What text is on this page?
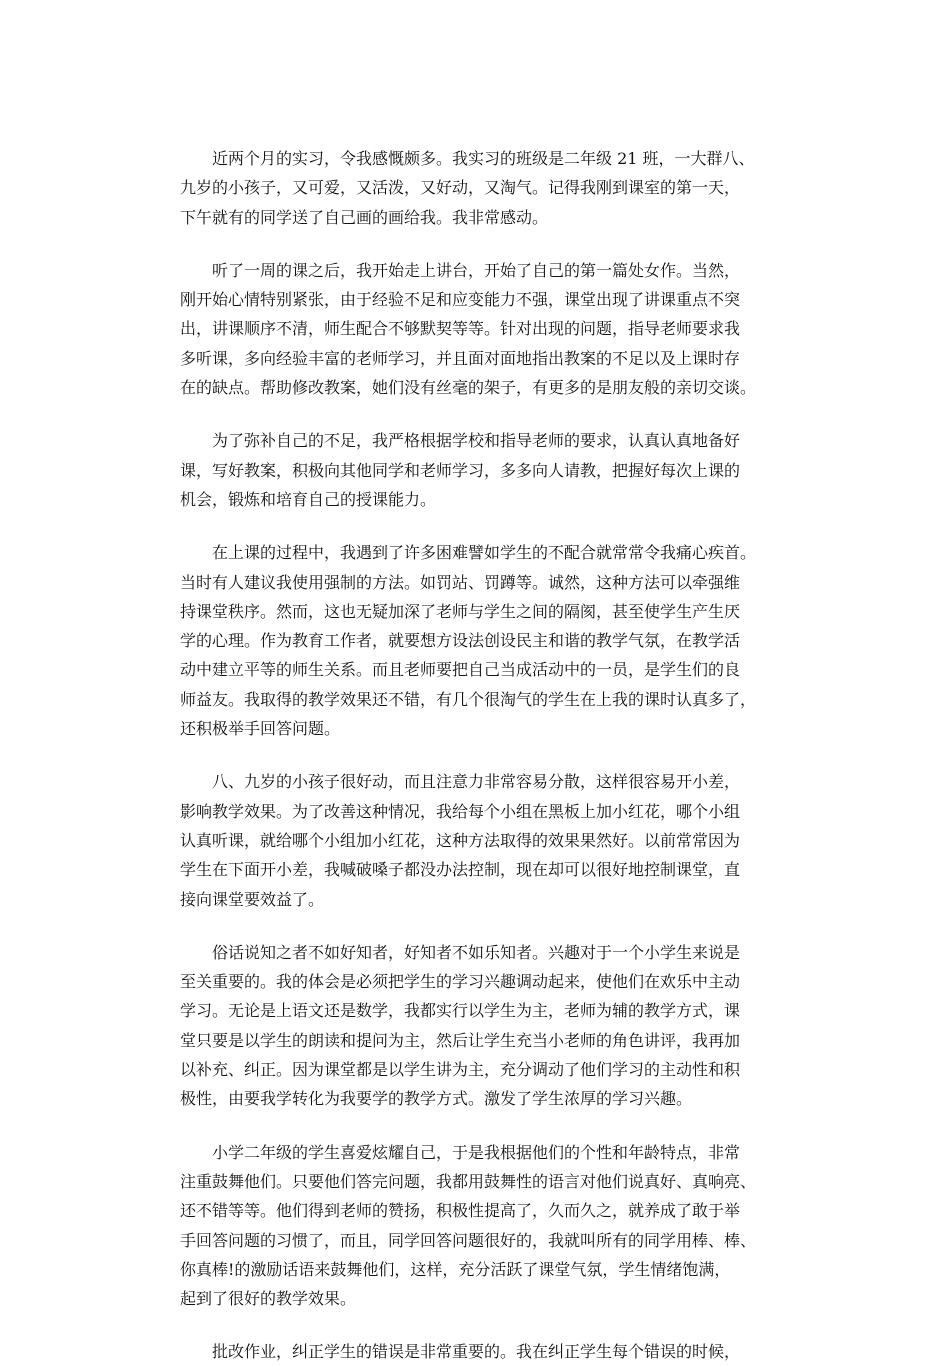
　　近两个月的实习，令我感慨颇多。我实习的班级是二年级 21 班，一大群八、
九岁的小孩子，又可爱，又活泼，又好动，又淘气。记得我刚到课室的第一天，
下午就有的同学送了自己画的画给我。我非常感动。

　　听了一周的课之后，我开始走上讲台，开始了自己的第一篇处女作。当然，
刚开始心情特别紧张，由于经验不足和应变能力不强，课堂出现了讲课重点不突
出，讲课顺序不清，师生配合不够默契等等。针对出现的问题，指导老师要求我
多听课，多向经验丰富的老师学习，并且面对面地指出教案的不足以及上课时存
在的缺点。帮助修改教案，她们没有丝毫的架子，有更多的是朋友般的亲切交谈。

　　为了弥补自己的不足，我严格根据学校和指导老师的要求，认真认真地备好
课，写好教案，积极向其他同学和老师学习，多多向人请教，把握好每次上课的
机会，锻炼和培育自己的授课能力。

　　在上课的过程中，我遇到了许多困难譬如学生的不配合就常常令我痛心疾首。
当时有人建议我使用强制的方法。如罚站、罚蹲等。诚然，这种方法可以牵强维
持课堂秩序。然而，这也无疑加深了老师与学生之间的隔阂，甚至使学生产生厌
学的心理。作为教育工作者，就要想方设法创设民主和谐的教学气氛，在教学活
动中建立平等的师生关系。而且老师要把自己当成活动中的一员，是学生们的良
师益友。我取得的教学效果还不错，有几个很淘气的学生在上我的课时认真多了，
还积极举手回答问题。

　　八、九岁的小孩子很好动，而且注意力非常容易分散，这样很容易开小差，
影响教学效果。为了改善这种情况，我给每个小组在黑板上加小红花，哪个小组
认真听课，就给哪个小组加小红花，这种方法取得的效果果然好。以前常常因为
学生在下面开小差，我喊破嗓子都没办法控制，现在却可以很好地控制课堂，直
接向课堂要效益了。

　　俗话说知之者不如好知者，好知者不如乐知者。兴趣对于一个小学生来说是
至关重要的。我的体会是必须把学生的学习兴趣调动起来，使他们在欢乐中主动
学习。无论是上语文还是数学，我都实行以学生为主，老师为辅的教学方式，课
堂只要是以学生的朗读和提问为主，然后让学生充当小老师的角色讲评，我再加
以补充、纠正。因为课堂都是以学生讲为主，充分调动了他们学习的主动性和积
极性，由要我学转化为我要学的教学方式。激发了学生浓厚的学习兴趣。

　　小学二年级的学生喜爱炫耀自己，于是我根据他们的个性和年龄特点，非常
注重鼓舞他们。只要他们答完问题，我都用鼓舞性的语言对他们说真好、真响亮、
还不错等等。他们得到老师的赞扬，积极性提高了，久而久之，就养成了敢于举
手回答问题的习惯了，而且，同学回答问题很好的，我就叫所有的同学用棒、棒、
你真棒!的激励话语来鼓舞他们，这样，充分活跃了课堂气氛，学生情绪饱满，
起到了很好的教学效果。

　　批改作业，纠正学生的错误是非常重要的。我在纠正学生每个错误的时候，
